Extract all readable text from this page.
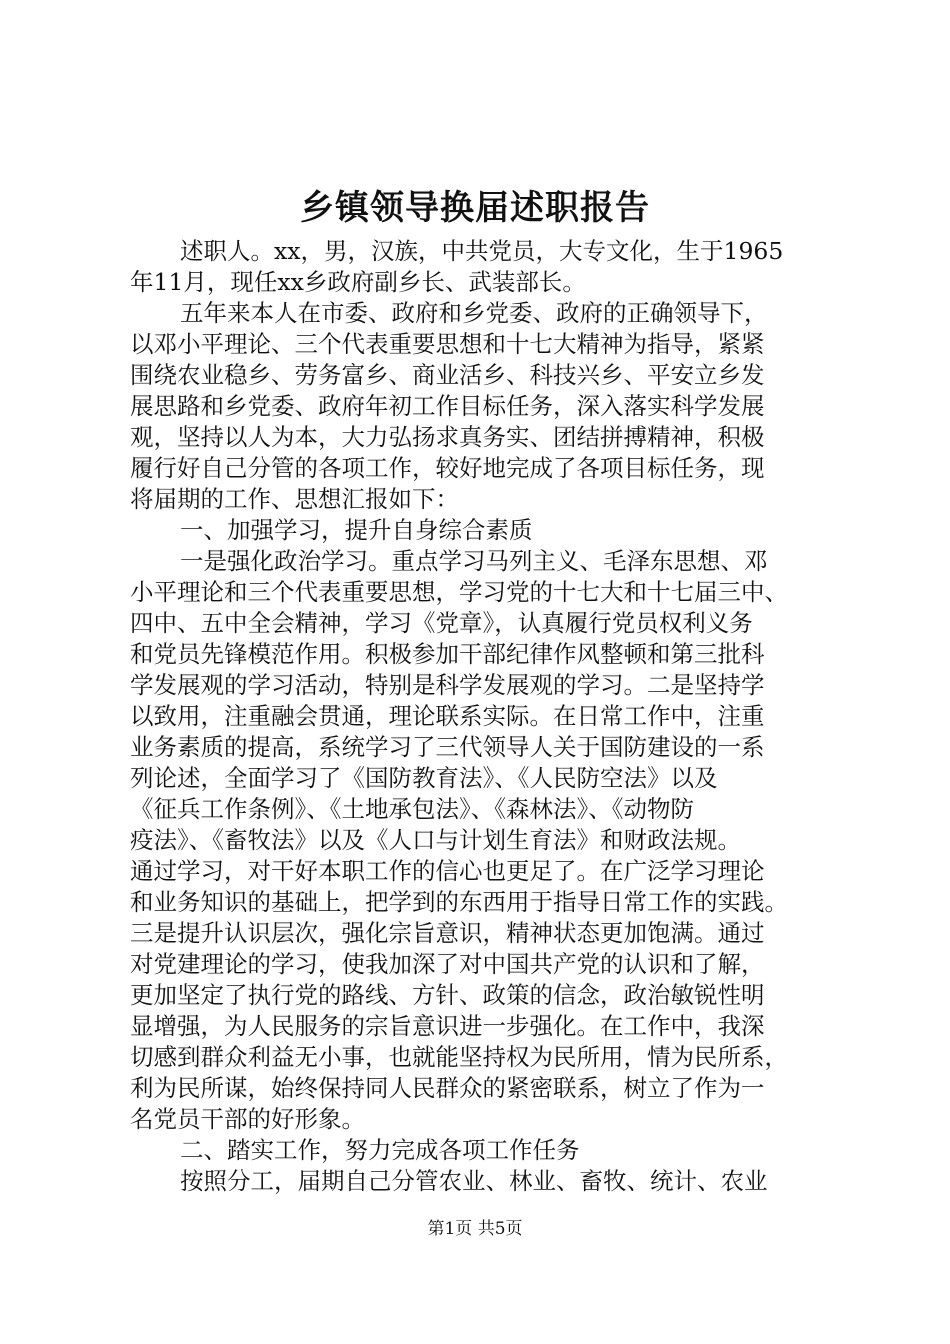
乡镇领导换届述职报告
述职人。xx，男，汉族，中共党员，大专文化，生于1965
年11月，现任xx乡政府副乡长、武装部长。
五年来本人在市委、政府和乡党委、政府的正确领导下，
以邓小平理论、三个代表重要思想和十七大精神为指导，紧紧
围绕农业稳乡、劳务富乡、商业活乡、科技兴乡、平安立乡发
展思路和乡党委、政府年初工作目标任务，深入落实科学发展
观，坚持以人为本，大力弘扬求真务实、团结拼搏精神，积极
履行好自己分管的各项工作，较好地完成了各项目标任务，现
将届期的工作、思想汇报如下：
一、加强学习，提升自身综合素质
一是强化政治学习。重点学习马列主义、毛泽东思想、邓
小平理论和三个代表重要思想，学习党的十七大和十七届三中、
四中、五中全会精神，学习《党章》，认真履行党员权利义务
和党员先锋模范作用。积极参加干部纪律作风整顿和第三批科
学发展观的学习活动，特别是科学发展观的学习。二是坚持学
以致用，注重融会贯通，理论联系实际。在日常工作中，注重
业务素质的提高，系统学习了三代领导人关于国防建设的一系
列论述，全面学习了《国防教育法》、《人民防空法》以及
《征兵工作条例》、《土地承包法》、《森林法》、《动物防
疫法》、《畜牧法》以及《人口与计划生育法》和财政法规。
通过学习，对干好本职工作的信心也更足了。在广泛学习理论
和业务知识的基础上，把学到的东西用于指导日常工作的实践。
三是提升认识层次，强化宗旨意识，精神状态更加饱满。通过
对党建理论的学习，使我加深了对中国共产党的认识和了解，
更加坚定了执行党的路线、方针、政策的信念，政治敏锐性明
显增强，为人民服务的宗旨意识进一步强化。在工作中，我深
切感到群众利益无小事，也就能坚持权为民所用，情为民所系，
利为民所谋，始终保持同人民群众的紧密联系，树立了作为一
名党员干部的好形象。
二、踏实工作，努力完成各项工作任务
按照分工，届期自己分管农业、林业、畜牧、统计、农业
第1页 共5页
